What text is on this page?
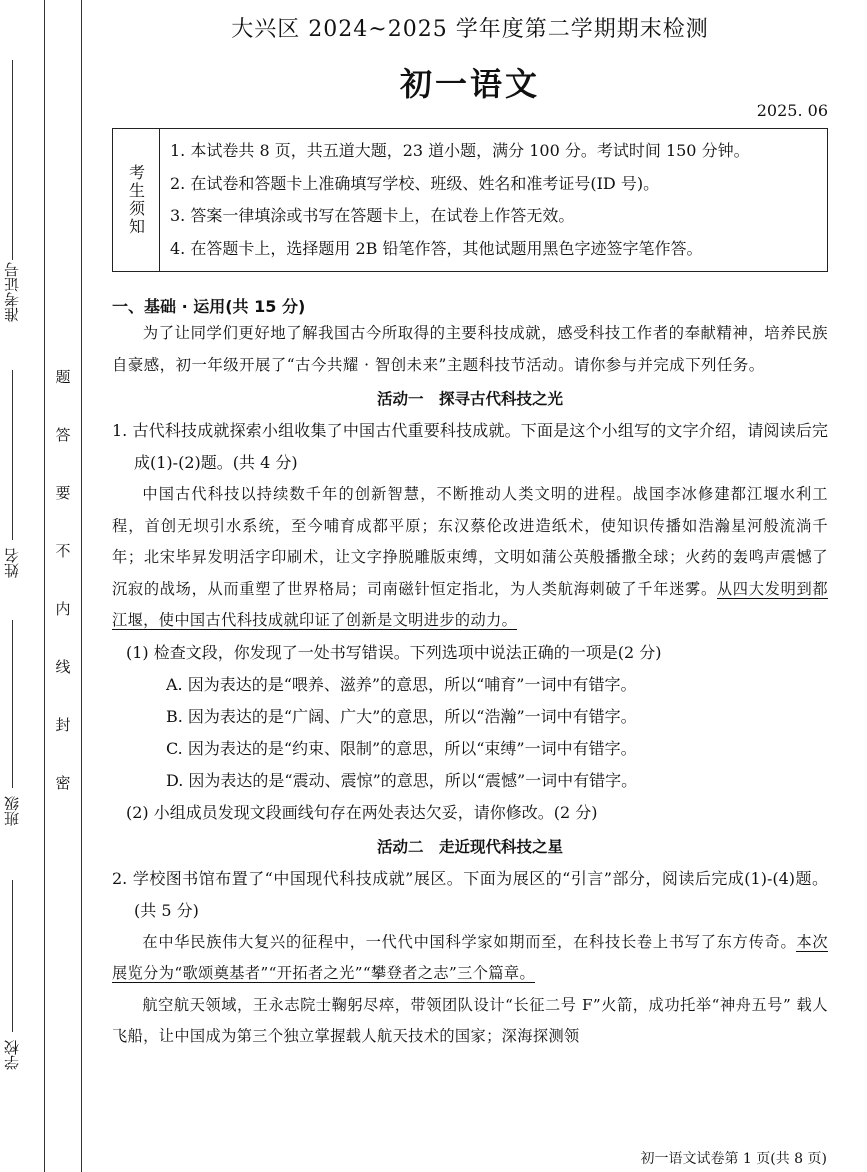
准考证号
姓名
班级
学校
题
答
要
不
内
线
封
密
大兴区 2024~2025 学年度第二学期期末检测
初一语文
2025. 06
考生须知
1. 本试卷共 8 页，共五道大题，23 道小题，满分 100 分。考试时间 150 分钟。
2. 在试卷和答题卡上准确填写学校、班级、姓名和准考证号(ID 号)。
3. 答案一律填涂或书写在答题卡上，在试卷上作答无效。
4. 在答题卡上，选择题用 2B 铅笔作答，其他试题用黑色字迹签字笔作答。
一、基础 · 运用(共 15 分)
为了让同学们更好地了解我国古今所取得的主要科技成就，感受科技工作者的奉献精神，培养民族自豪感，初一年级开展了“古今共耀 · 智创未来”主题科技节活动。请你参与并完成下列任务。
活动一　探寻古代科技之光
1. 古代科技成就探索小组收集了中国古代重要科技成就。下面是这个小组写的文字介绍，请阅读后完成(1)-(2)题。(共 4 分)
中国古代科技以持续数千年的创新智慧，不断推动人类文明的进程。战国李冰修建都江堰水利工程，首创无坝引水系统，至今哺育成都平原；东汉蔡伦改进造纸术，使知识传播如浩瀚星河般流淌千年；北宋毕昇发明活字印刷术，让文字挣脱雕版束缚，文明如蒲公英般播撒全球；火药的轰鸣声震憾了沉寂的战场，从而重塑了世界格局；司南磁针恒定指北，为人类航海刺破了千年迷雾。从四大发明到都江堰，使中国古代科技成就印证了创新是文明进步的动力。
(1) 检查文段，你发现了一处书写错误。下列选项中说法正确的一项是(2 分)
A. 因为表达的是“喂养、滋养”的意思，所以“哺育”一词中有错字。
B. 因为表达的是“广阔、广大”的意思，所以“浩瀚”一词中有错字。
C. 因为表达的是“约束、限制”的意思，所以“束缚”一词中有错字。
D. 因为表达的是“震动、震惊”的意思，所以“震憾”一词中有错字。
(2) 小组成员发现文段画线句存在两处表达欠妥，请你修改。(2 分)
活动二　走近现代科技之星
2. 学校图书馆布置了“中国现代科技成就”展区。下面为展区的“引言”部分，阅读后完成(1)-(4)题。(共 5 分)
在中华民族伟大复兴的征程中，一代代中国科学家如期而至，在科技长卷上书写了东方传奇。本次展览分为“歌颂奠基者”“开拓者之光”“攀登者之志”三个篇章。
航空航天领域，王永志院士鞠躬尽瘁，带领团队设计“长征二号 F”火箭，成功托举“神舟五号” 载人飞船，让中国成为第三个独立掌握载人航天技术的国家；深海探测领
初一语文试卷第 1 页(共 8 页)
